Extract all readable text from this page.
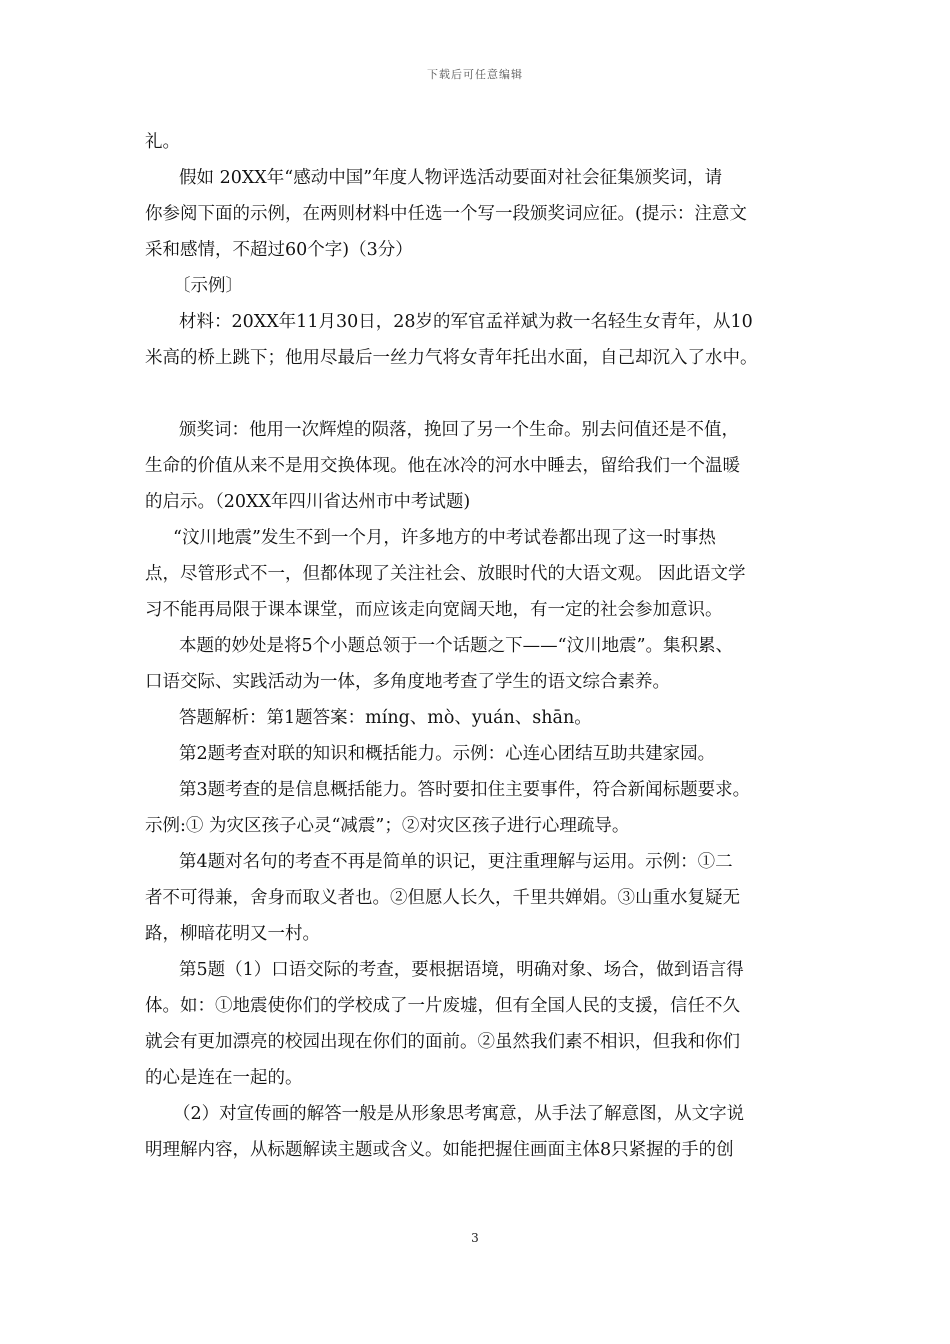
下载后可任意编辑
礼。
假如 20XX年“感动中国”年度人物评选活动要面对社会征集颁奖词，请
你参阅下面的示例，在两则材料中任选一个写一段颁奖词应征。(提示：注意文
采和感情，不超过60个字)（3分）
〔示例〕
材料：20XX年11月30日，28岁的军官孟祥斌为救一名轻生女青年，从10
米高的桥上跳下；他用尽最后一丝力气将女青年托出水面，自己却沉入了水中。
颁奖词：他用一次辉煌的陨落，挽回了另一个生命。别去问值还是不值，
生命的价值从来不是用交换体现。他在冰冷的河水中睡去，留给我们一个温暖
的启示。（20XX年四川省达州市中考试题)
“汶川地震”发生不到一个月，许多地方的中考试卷都出现了这一时事热
点，尽管形式不一，但都体现了关注社会、放眼时代的大语文观。 因此语文学
习不能再局限于课本课堂，而应该走向宽阔天地，有一定的社会参加意识。
本题的妙处是将5个小题总领于一个话题之下——“汶川地震”。集积累、
口语交际、实践活动为一体，多角度地考查了学生的语文综合素养。
答题解析：第1题答案：míng、mò、yuán、shān。
第2题考查对联的知识和概括能力。示例：心连心团结互助共建家园。
第3题考查的是信息概括能力。答时要扣住主要事件，符合新闻标题要求。
示例:① 为灾区孩子心灵“减震”；②对灾区孩子进行心理疏导。
第4题对名句的考查不再是简单的识记，更注重理解与运用。示例：①二
者不可得兼，舍身而取义者也。②但愿人长久，千里共婵娟。③山重水复疑无
路，柳暗花明又一村。
第5题（1）口语交际的考查，要根据语境，明确对象、场合，做到语言得
体。如：①地震使你们的学校成了一片废墟，但有全国人民的支援，信任不久
就会有更加漂亮的校园出现在你们的面前。②虽然我们素不相识，但我和你们
的心是连在一起的。
（2）对宣传画的解答一般是从形象思考寓意，从手法了解意图，从文字说
明理解内容，从标题解读主题或含义。如能把握住画面主体8只紧握的手的创
3
